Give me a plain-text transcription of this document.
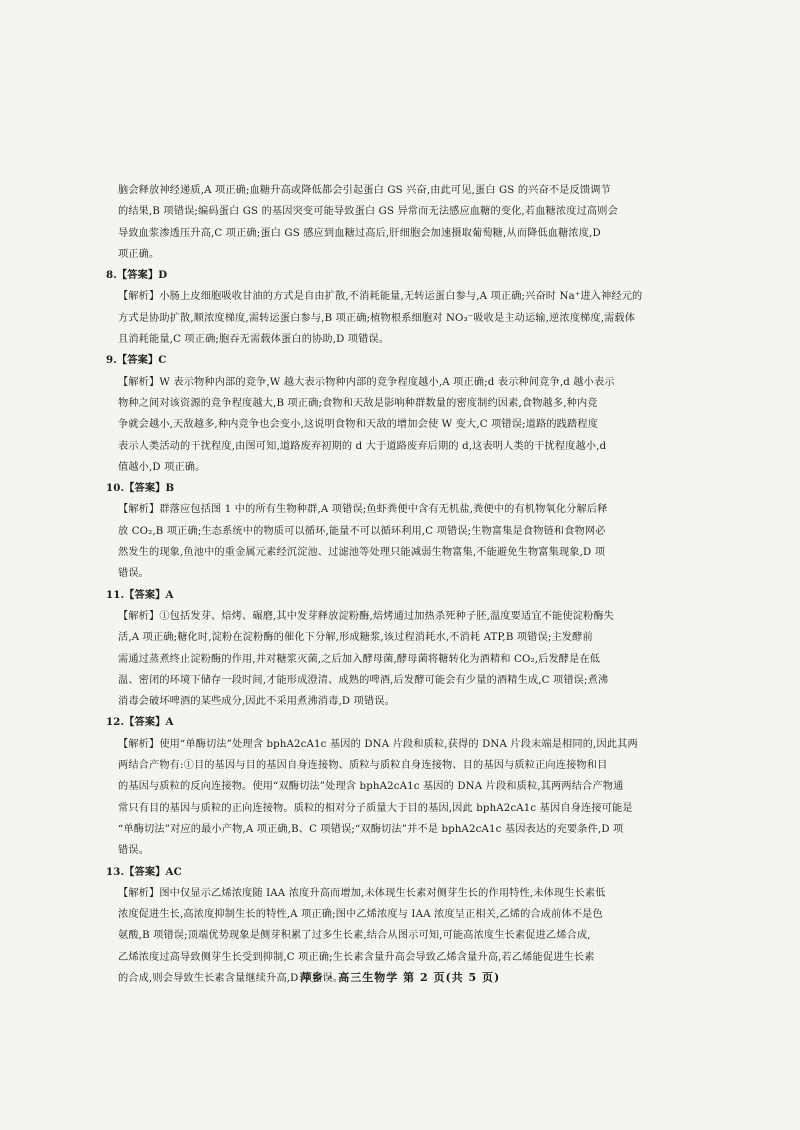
脑会释放神经递质,A 项正确;血糖升高或降低都会引起蛋白 GS 兴奋,由此可见,蛋白 GS 的兴奋不是反馈调节

的结果,B 项错误;编码蛋白 GS 的基因突变可能导致蛋白 GS 异常而无法感应血糖的变化,若血糖浓度过高则会

导致血浆渗透压升高,C 项正确;蛋白 GS 感应到血糖过高后,肝细胞会加速摄取葡萄糖,从而降低血糖浓度,D

项正确。

8.【答案】D

【解析】小肠上皮细胞吸收甘油的方式是自由扩散,不消耗能量,无转运蛋白参与,A 项正确;兴奋时 Na⁺进入神经元的

方式是协助扩散,顺浓度梯度,需转运蛋白参与,B 项正确;植物根系细胞对 NO₃⁻吸收是主动运输,逆浓度梯度,需载体

且消耗能量,C 项正确;胞吞无需载体蛋白的协助,D 项错误。

9.【答案】C

【解析】W 表示物种内部的竞争,W 越大表示物种内部的竞争程度越小,A 项正确;d 表示种间竞争,d 越小表示

物种之间对该资源的竞争程度越大,B 项正确;食物和天敌是影响种群数量的密度制约因素,食物越多,种内竞

争就会越小,天敌越多,种内竞争也会变小,这说明食物和天敌的增加会使 W 变大,C 项错误;道路的践踏程度

表示人类活动的干扰程度,由图可知,道路废弃初期的 d 大于道路废弃后期的 d,这表明人类的干扰程度越小,d

值越小,D 项正确。

10.【答案】B

【解析】群落应包括图 1 中的所有生物种群,A 项错误;鱼虾粪便中含有无机盐,粪便中的有机物氧化分解后释

放 CO₂,B 项正确;生态系统中的物质可以循环,能量不可以循环利用,C 项错误;生物富集是食物链和食物网必

然发生的现象,鱼池中的重金属元素经沉淀池、过滤池等处理只能减弱生物富集,不能避免生物富集现象,D 项

错误。

11.【答案】A

【解析】①包括发芽、焙烤、碾磨,其中发芽释放淀粉酶,焙烤通过加热杀死种子胚,温度要适宜不能使淀粉酶失

活,A 项正确;糖化时,淀粉在淀粉酶的催化下分解,形成糖浆,该过程消耗水,不消耗 ATP,B 项错误;主发酵前

需通过蒸煮终止淀粉酶的作用,并对糖浆灭菌,之后加入酵母菌,酵母菌将糖转化为酒精和 CO₂,后发酵是在低

温、密闭的环境下储存一段时间,才能形成澄清、成熟的啤酒,后发酵可能会有少量的酒精生成,C 项错误;煮沸

消毒会破坏啤酒的某些成分,因此不采用煮沸消毒,D 项错误。

12.【答案】A

【解析】使用“单酶切法”处理含 bphA2cA1c 基因的 DNA 片段和质粒,获得的 DNA 片段末端是相同的,因此其两

两结合产物有:①目的基因与目的基因自身连接物、质粒与质粒自身连接物、目的基因与质粒正向连接物和目

的基因与质粒的反向连接物。使用“双酶切法”处理含 bphA2cA1c 基因的 DNA 片段和质粒,其两两结合产物通

常只有目的基因与质粒的正向连接物。质粒的相对分子质量大于目的基因,因此 bphA2cA1c 基因自身连接可能是

“单酶切法”对应的最小产物,A 项正确,B、C 项错误;“双酶切法”并不是 bphA2cA1c 基因表达的充要条件,D 项

错误。

13.【答案】AC

【解析】图中仅显示乙烯浓度随 IAA 浓度升高而增加,未体现生长素对侧芽生长的作用特性,未体现生长素低

浓度促进生长,高浓度抑制生长的特性,A 项正确;图中乙烯浓度与 IAA 浓度呈正相关,乙烯的合成前体不是色

氨酸,B 项错误;顶端优势现象是侧芽积累了过多生长素,结合从图示可知,可能高浓度生长素促进乙烯合成,

乙烯浓度过高导致侧芽生长受到抑制,C 项正确;生长素含量升高会导致乙烯含量升高,若乙烯能促进生长素

的合成,则会导致生长素含量继续升高,D 项错误。

萍乡 · 高三生物学 第 2 页(共 5 页)
